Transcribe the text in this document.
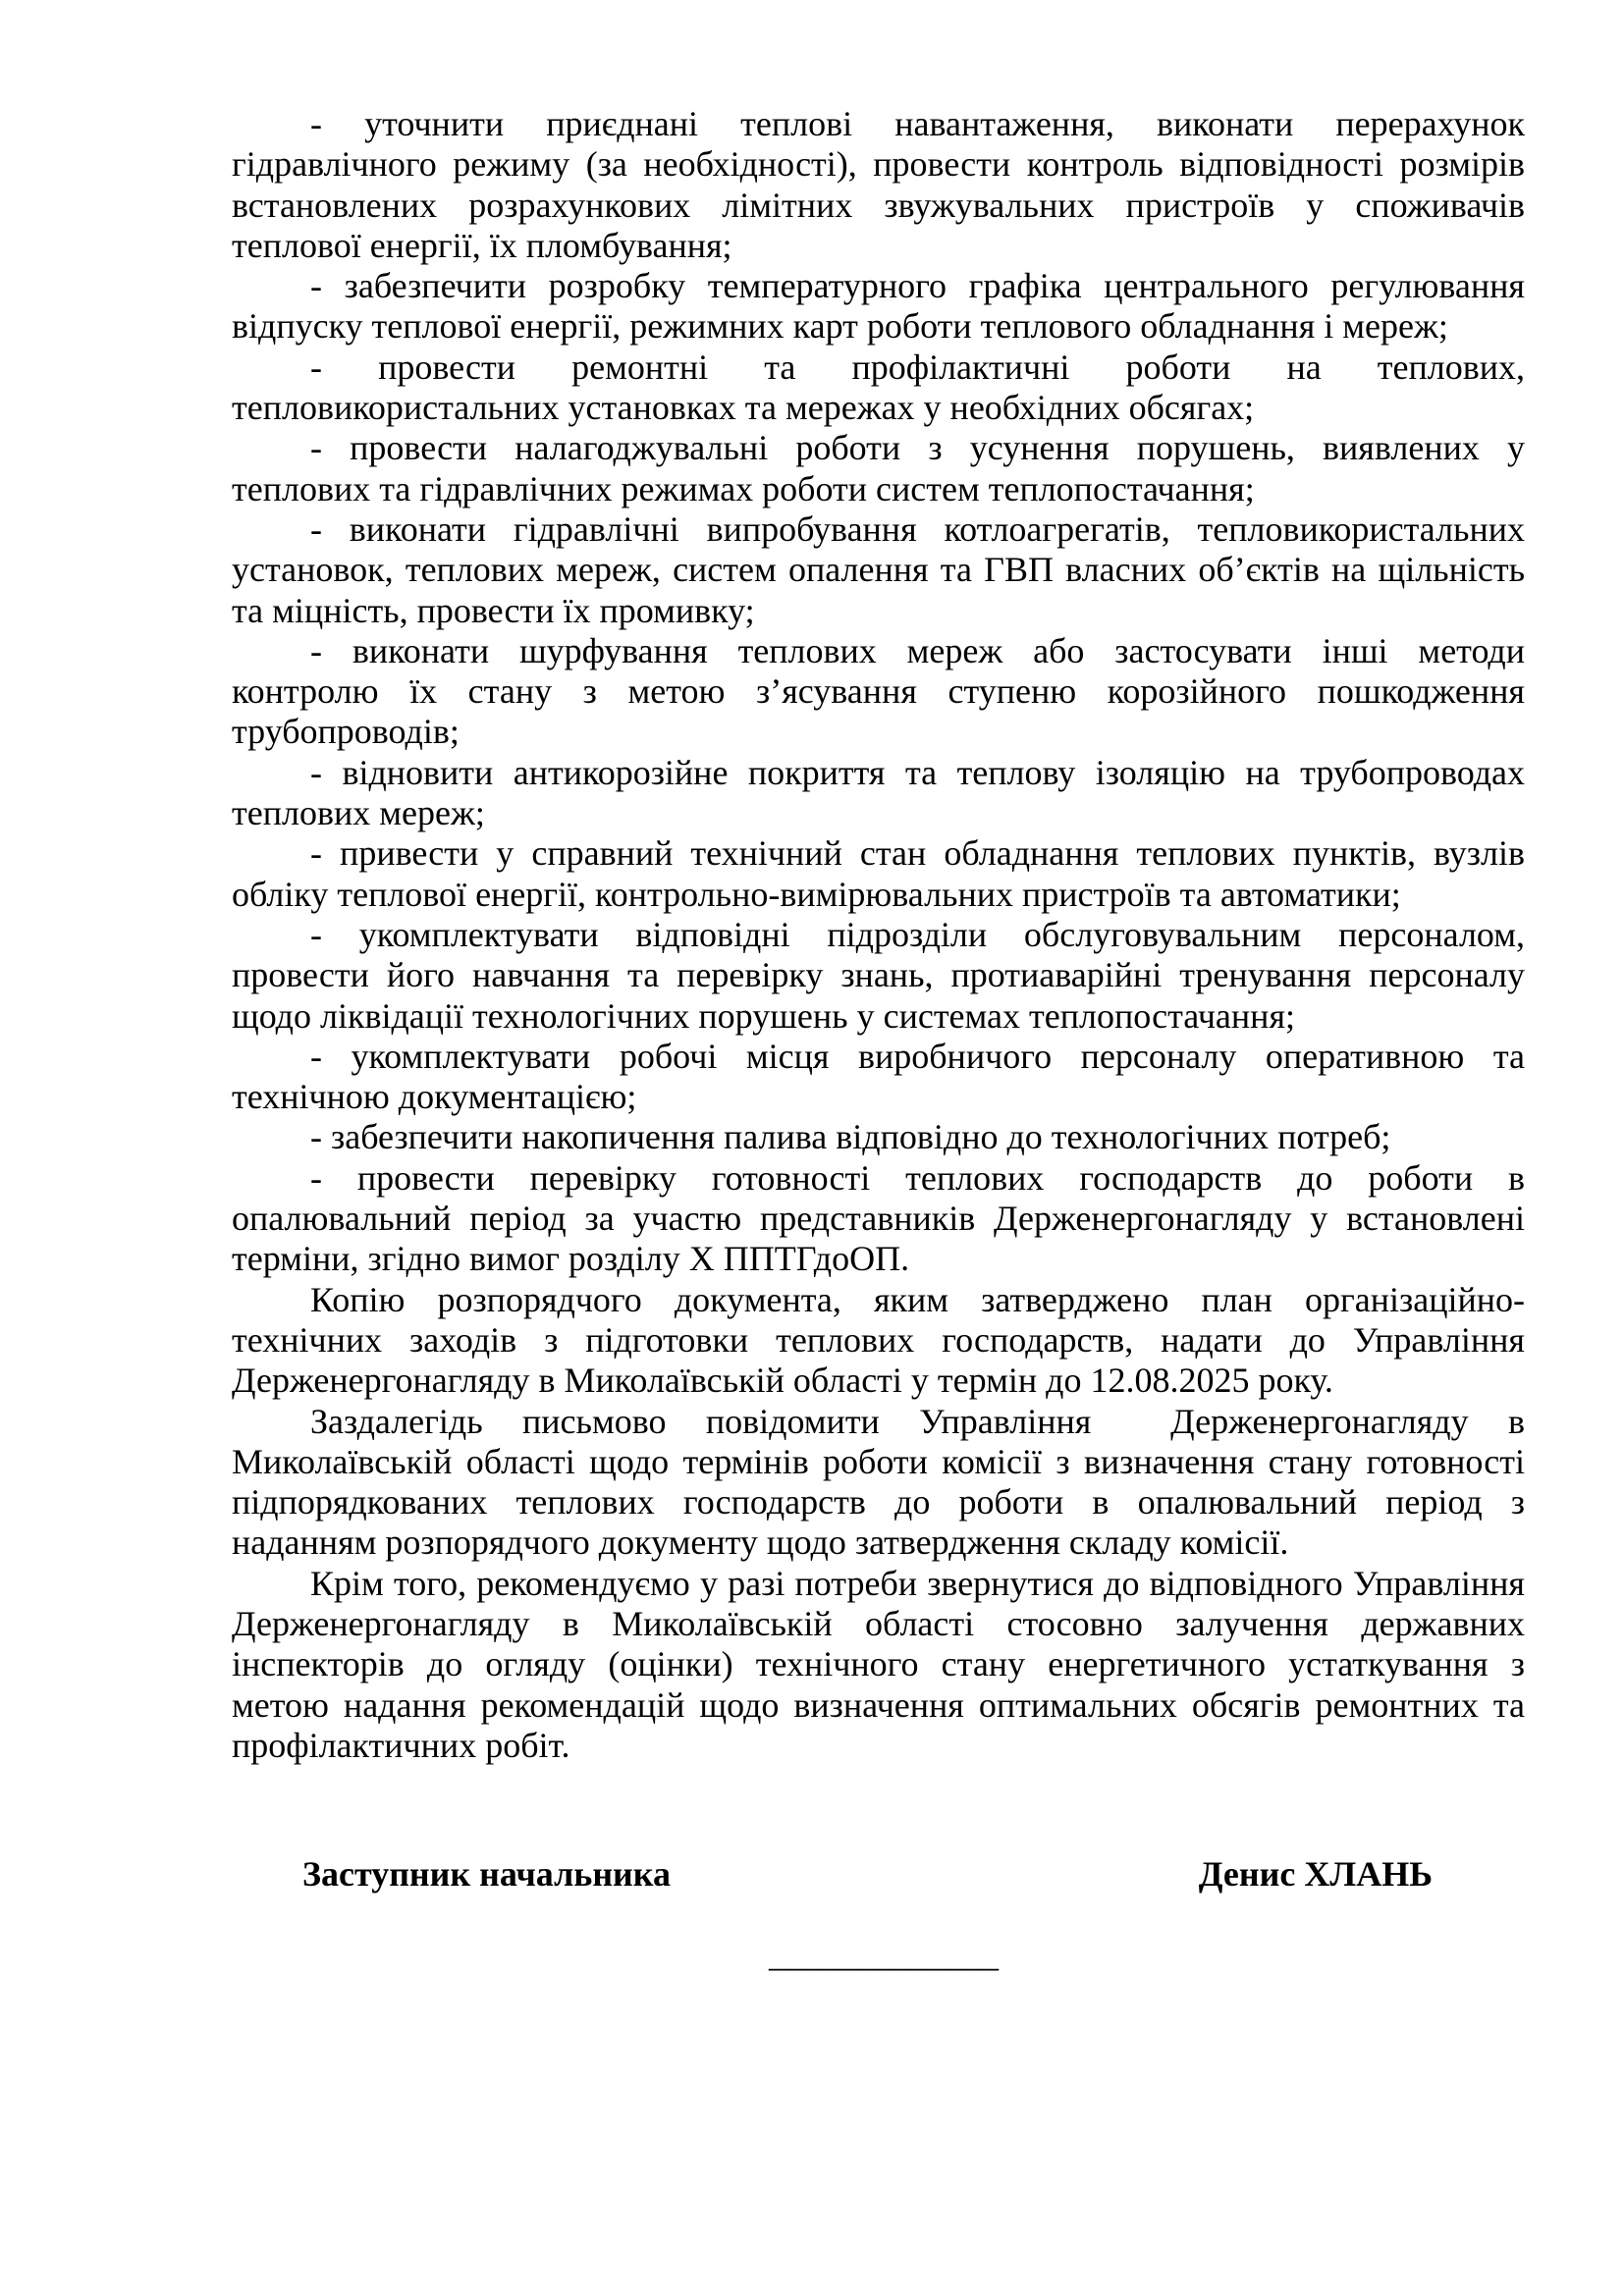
- уточнити приєднані теплові навантаження, виконати перерахунок
гідравлічного режиму (за необхідності), провести контроль відповідності розмірів
встановлених розрахункових лімітних звужувальних пристроїв у споживачів
теплової енергії, їх пломбування;
- забезпечити розробку температурного графіка центрального регулювання
відпуску теплової енергії, режимних карт роботи теплового обладнання і мереж;
- провести ремонтні та профілактичні роботи на теплових,
тепловикористальних установках та мережах у необхідних обсягах;
- провести налагоджувальні роботи з усунення порушень, виявлених у
теплових та гідравлічних режимах роботи систем теплопостачання;
- виконати гідравлічні випробування котлоагрегатів, тепловикористальних
установок, теплових мереж, систем опалення та ГВП власних об’єктів на щільність
та міцність, провести їх промивку;
- виконати шурфування теплових мереж або застосувати інші методи
контролю їх стану з метою з’ясування ступеню корозійного пошкодження
трубопроводів;
- відновити антикорозійне покриття та теплову ізоляцію на трубопроводах
теплових мереж;
- привести у справний технічний стан обладнання теплових пунктів, вузлів
обліку теплової енергії, контрольно-вимірювальних пристроїв та автоматики;
- укомплектувати відповідні підрозділи обслуговувальним персоналом,
провести його навчання та перевірку знань, протиаварійні тренування персоналу
щодо ліквідації технологічних порушень у системах теплопостачання;
- укомплектувати робочі місця виробничого персоналу оперативною та
технічною документацією;
- забезпечити накопичення палива відповідно до технологічних потреб;
- провести перевірку готовності теплових господарств до роботи в
опалювальний період за участю представників Держенергонагляду у встановлені
терміни, згідно вимог розділу Х ППТГдоОП.
Копію розпорядчого документа, яким затверджено план організаційно-
технічних заходів з підготовки теплових господарств, надати до Управління
Держенергонагляду в Миколаївській області у термін до 12.08.2025 року.
Заздалегідь письмово повідомити Управління  Держенергонагляду в
Миколаївській області щодо термінів роботи комісії з визначення стану готовності
підпорядкованих теплових господарств до роботи в опалювальний період з
наданням розпорядчого документу щодо затвердження складу комісії.
Крім того, рекомендуємо у разі потреби звернутися до відповідного Управління
Держенергонагляду в Миколаївській області стосовно залучення державних
інспекторів до огляду (оцінки) технічного стану енергетичного устаткування з
метою надання рекомендацій щодо визначення оптимальних обсягів ремонтних та
профілактичних робіт.
Заступник начальника	Денис ХЛАНЬ
_____________
